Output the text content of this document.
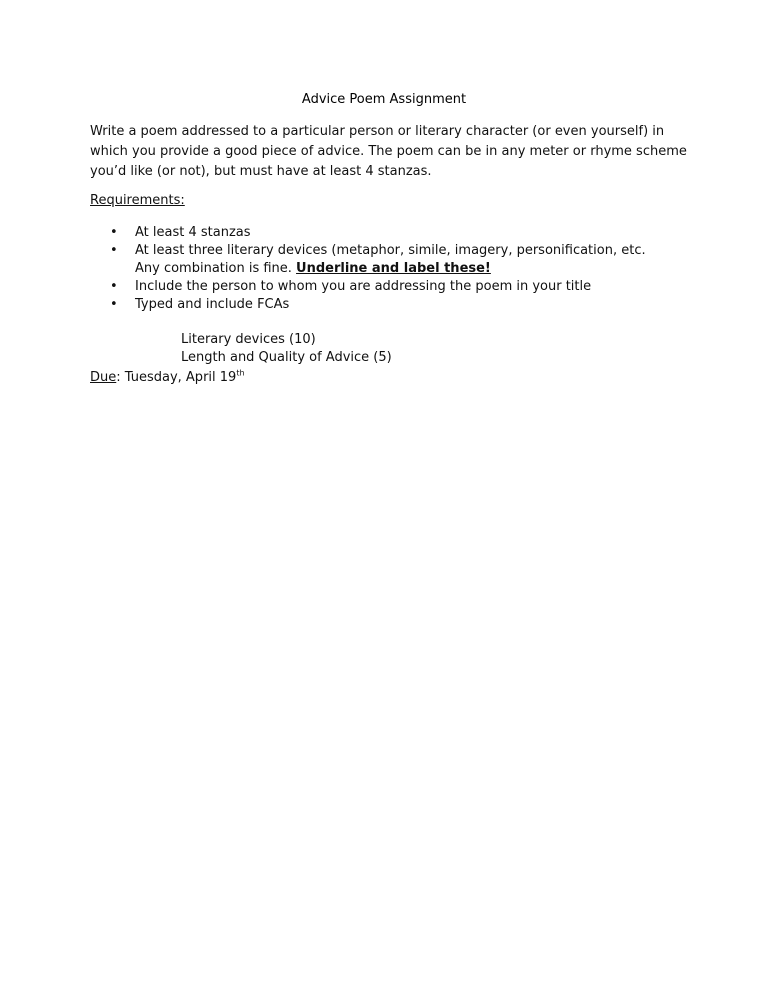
Advice Poem Assignment

Write a poem addressed to a particular person or literary character (or even yourself) in which you provide a good piece of advice. The poem can be in any meter or rhyme scheme you’d like (or not), but must have at least 4 stanzas.

Requirements:

• At least 4 stanzas
• At least three literary devices (metaphor, simile, imagery, personification, etc. Any combination is fine. Underline and label these!
• Include the person to whom you are addressing the poem in your title
• Typed and include FCAs
Literary devices (10)
Length and Quality of Advice (5)
Due: Tuesday, April 19th
